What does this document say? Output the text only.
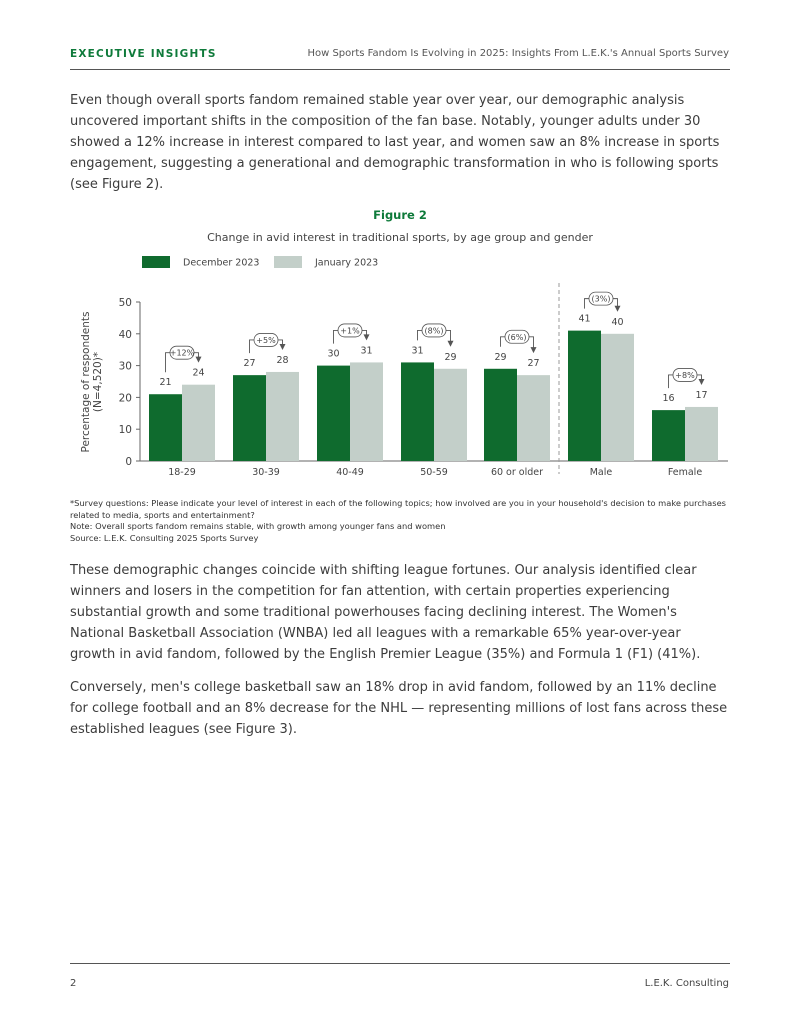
EXECUTIVE INSIGHTS	How Sports Fandom Is Evolving in 2025: Insights From L.E.K.'s Annual Sports Survey

Even though overall sports fandom remained stable year over year, our demographic analysis uncovered important shifts in the composition of the fan base. Notably, younger adults under 30 showed a 12% increase in interest compared to last year, and women saw an 8% increase in sports engagement, suggesting a generational and demographic transformation in who is following sports (see Figure 2).

Figure 2
Change in avid interest in traditional sports, by age group and gender
December 2023	January 2023
Percentage of respondents(N=4,520)*
0
10
20
30
40
50
21
24
18-29
+12%
27 28
30-39
+5%
30 31
40-49
+1%
31
29
50-59
(8%)
29
27
60 or older
(6%)
41 40
Male
(3%)
16 17
Female
+8%
*Survey questions: Please indicate your level of interest in each of the following topics; how involved are you in your household's decision to make purchases related to media, sports and entertainment?
Note: Overall sports fandom remains stable, with growth among younger fans and women
Source: L.E.K. Consulting 2025 Sports Survey

These demographic changes coincide with shifting league fortunes. Our analysis identified clear winners and losers in the competition for fan attention, with certain properties experiencing substantial growth and some traditional powerhouses facing declining interest. The Women's National Basketball Association (WNBA) led all leagues with a remarkable 65% year-over-year growth in avid fandom, followed by the English Premier League (35%) and Formula 1 (F1) (41%).

Conversely, men's college basketball saw an 18% drop in avid fandom, followed by an 11% decline for college football and an 8% decrease for the NHL — representing millions of lost fans across these established leagues (see Figure 3).

2	L.E.K. Consulting
